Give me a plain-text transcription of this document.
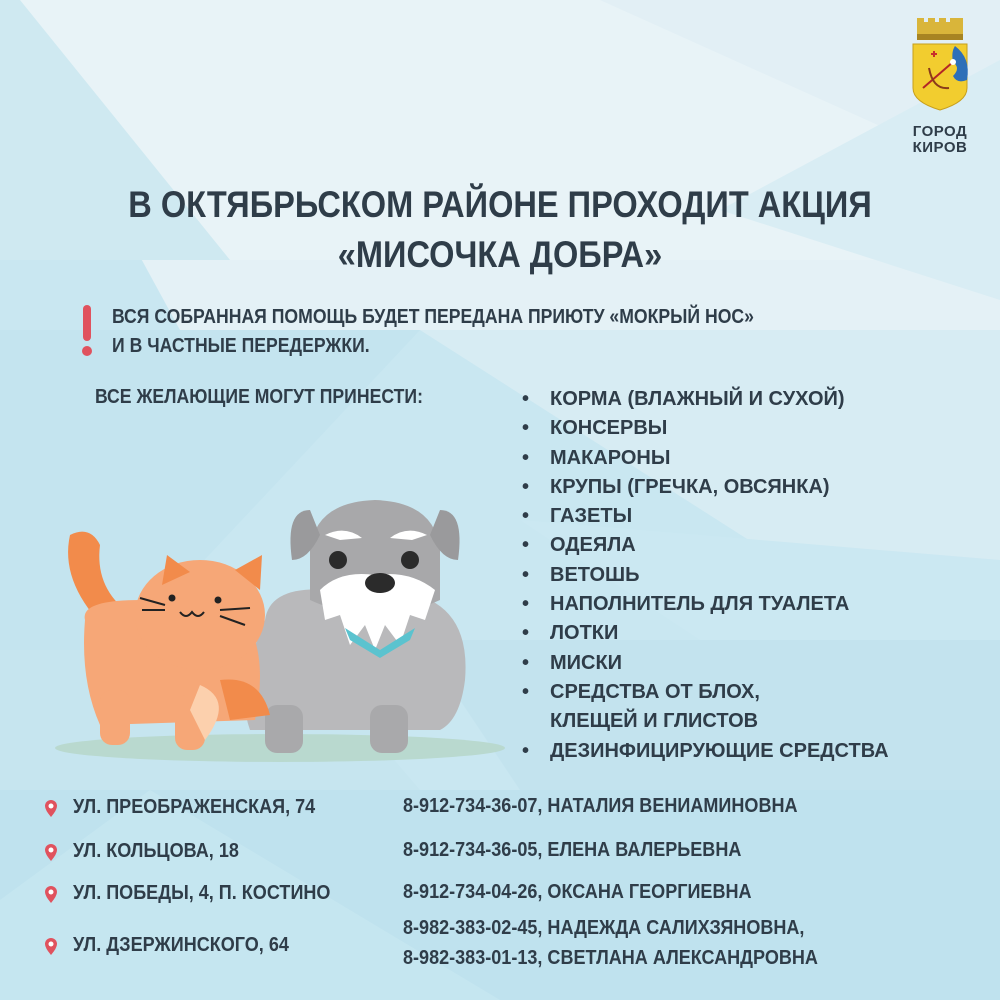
ГОРОД
КИРОВ
В ОКТЯБРЬСКОМ РАЙОНЕ ПРОХОДИТ АКЦИЯ
«МИСОЧКА ДОБРА»
ВСЯ СОБРАННАЯ ПОМОЩЬ БУДЕТ ПЕРЕДАНА ПРИЮТУ «МОКРЫЙ НОС»
И В ЧАСТНЫЕ ПЕРЕДЕРЖКИ.
ВСЕ ЖЕЛАЮЩИЕ МОГУТ ПРИНЕСТИ:	• КОРМА (ВЛАЖНЫЙ И СУХОЙ)
• КОНСЕРВЫ
• МАКАРОНЫ
• КРУПЫ (ГРЕЧКА, ОВСЯНКА)
• ГАЗЕТЫ
• ОДЕЯЛА
• ВЕТОШЬ
• НАПОЛНИТЕЛЬ ДЛЯ ТУАЛЕТА
• ЛОТКИ
• МИСКИ
• СРЕДСТВА ОТ БЛОХ,
КЛЕЩЕЙ И ГЛИСТОВ
• ДЕЗИНФИЦИРУЮЩИЕ СРЕДСТВА
УЛ. ПРЕОБРАЖЕНСКАЯ, 74	8-912-734-36-07, НАТАЛИЯ ВЕНИАМИНОВНА
УЛ. КОЛЬЦОВА, 18	8-912-734-36-05, ЕЛЕНА ВАЛЕРЬЕВНА
УЛ. ПОБЕДЫ, 4, П. КОСТИНО	8-912-734-04-26, ОКСАНА ГЕОРГИЕВНА
УЛ. ДЗЕРЖИНСКОГО, 64
8-982-383-02-45, НАДЕЖДА САЛИХЗЯНОВНА,
8-982-383-01-13, СВЕТЛАНА АЛЕКСАНДРОВНА
